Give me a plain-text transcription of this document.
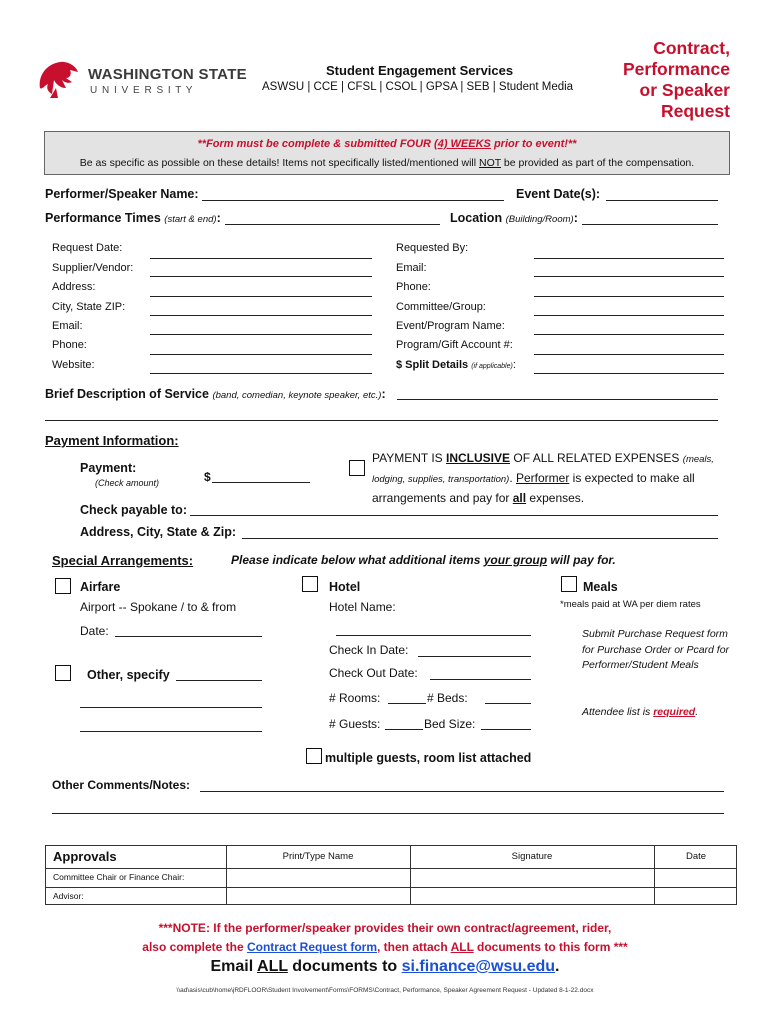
WASHINGTON STATE
U N I V E R S I T Y
Student Engagement Services
ASWSU | CCE | CFSL | CSOL | GPSA | SEB | Student Media
Contract,
Performance
or Speaker
Request
**Form must be complete & submitted FOUR (4) WEEKS prior to event!**
Be as specific as possible on these details! Items not specifically listed/mentioned will NOT be provided as part of the compensation.
Performer/Speaker Name:	Event Date(s):
Performance Times (start & end):	Location (Building/Room):
Request Date:
Supplier/Vendor:
Address:
City, State ZIP:
Email:
Phone:
Website:
Requested By:
Email:
Phone:
Committee/Group:
Event/Program Name:
Program/Gift Account #:
$ Split Details (if applicable):
Brief Description of Service (band, comedian, keynote speaker, etc.):
Payment Information:
Payment:
(Check amount)	$
PAYMENT IS INCLUSIVE OF ALL RELATED EXPENSES (meals, lodging, supplies, transportation). Performer is expected to make all arrangements and pay for all expenses.
Check payable to:
Address, City, State & Zip:
Special Arrangements:	Please indicate below what additional items your group will pay for.
Airfare
Airport -- Spokane / to & from
Date:
Other, specify
Hotel
Hotel Name:
Check In Date:
Check Out Date:
# Rooms:	# Beds:
# Guests:	Bed Size:
multiple guests, room list attached
Meals
*meals paid at WA per diem rates
Submit Purchase Request form for Purchase Order or Pcard for Performer/Student Meals
Attendee list is required.
Other Comments/Notes:
Approvals	Print/Type Name	Signature	Date
Committee Chair or Finance Chair:
Advisor:
***NOTE: If the performer/speaker provides their own contract/agreement, rider,
also complete the Contract Request form, then attach ALL documents to this form ***
Email ALL documents to si.finance@wsu.edu.
\\ad\asis\cub\home\jRDFLOOR\Student Involvement\Forms\FORMS\Contract, Performance, Speaker Agreement Request - Updated 8-1-22.docx
